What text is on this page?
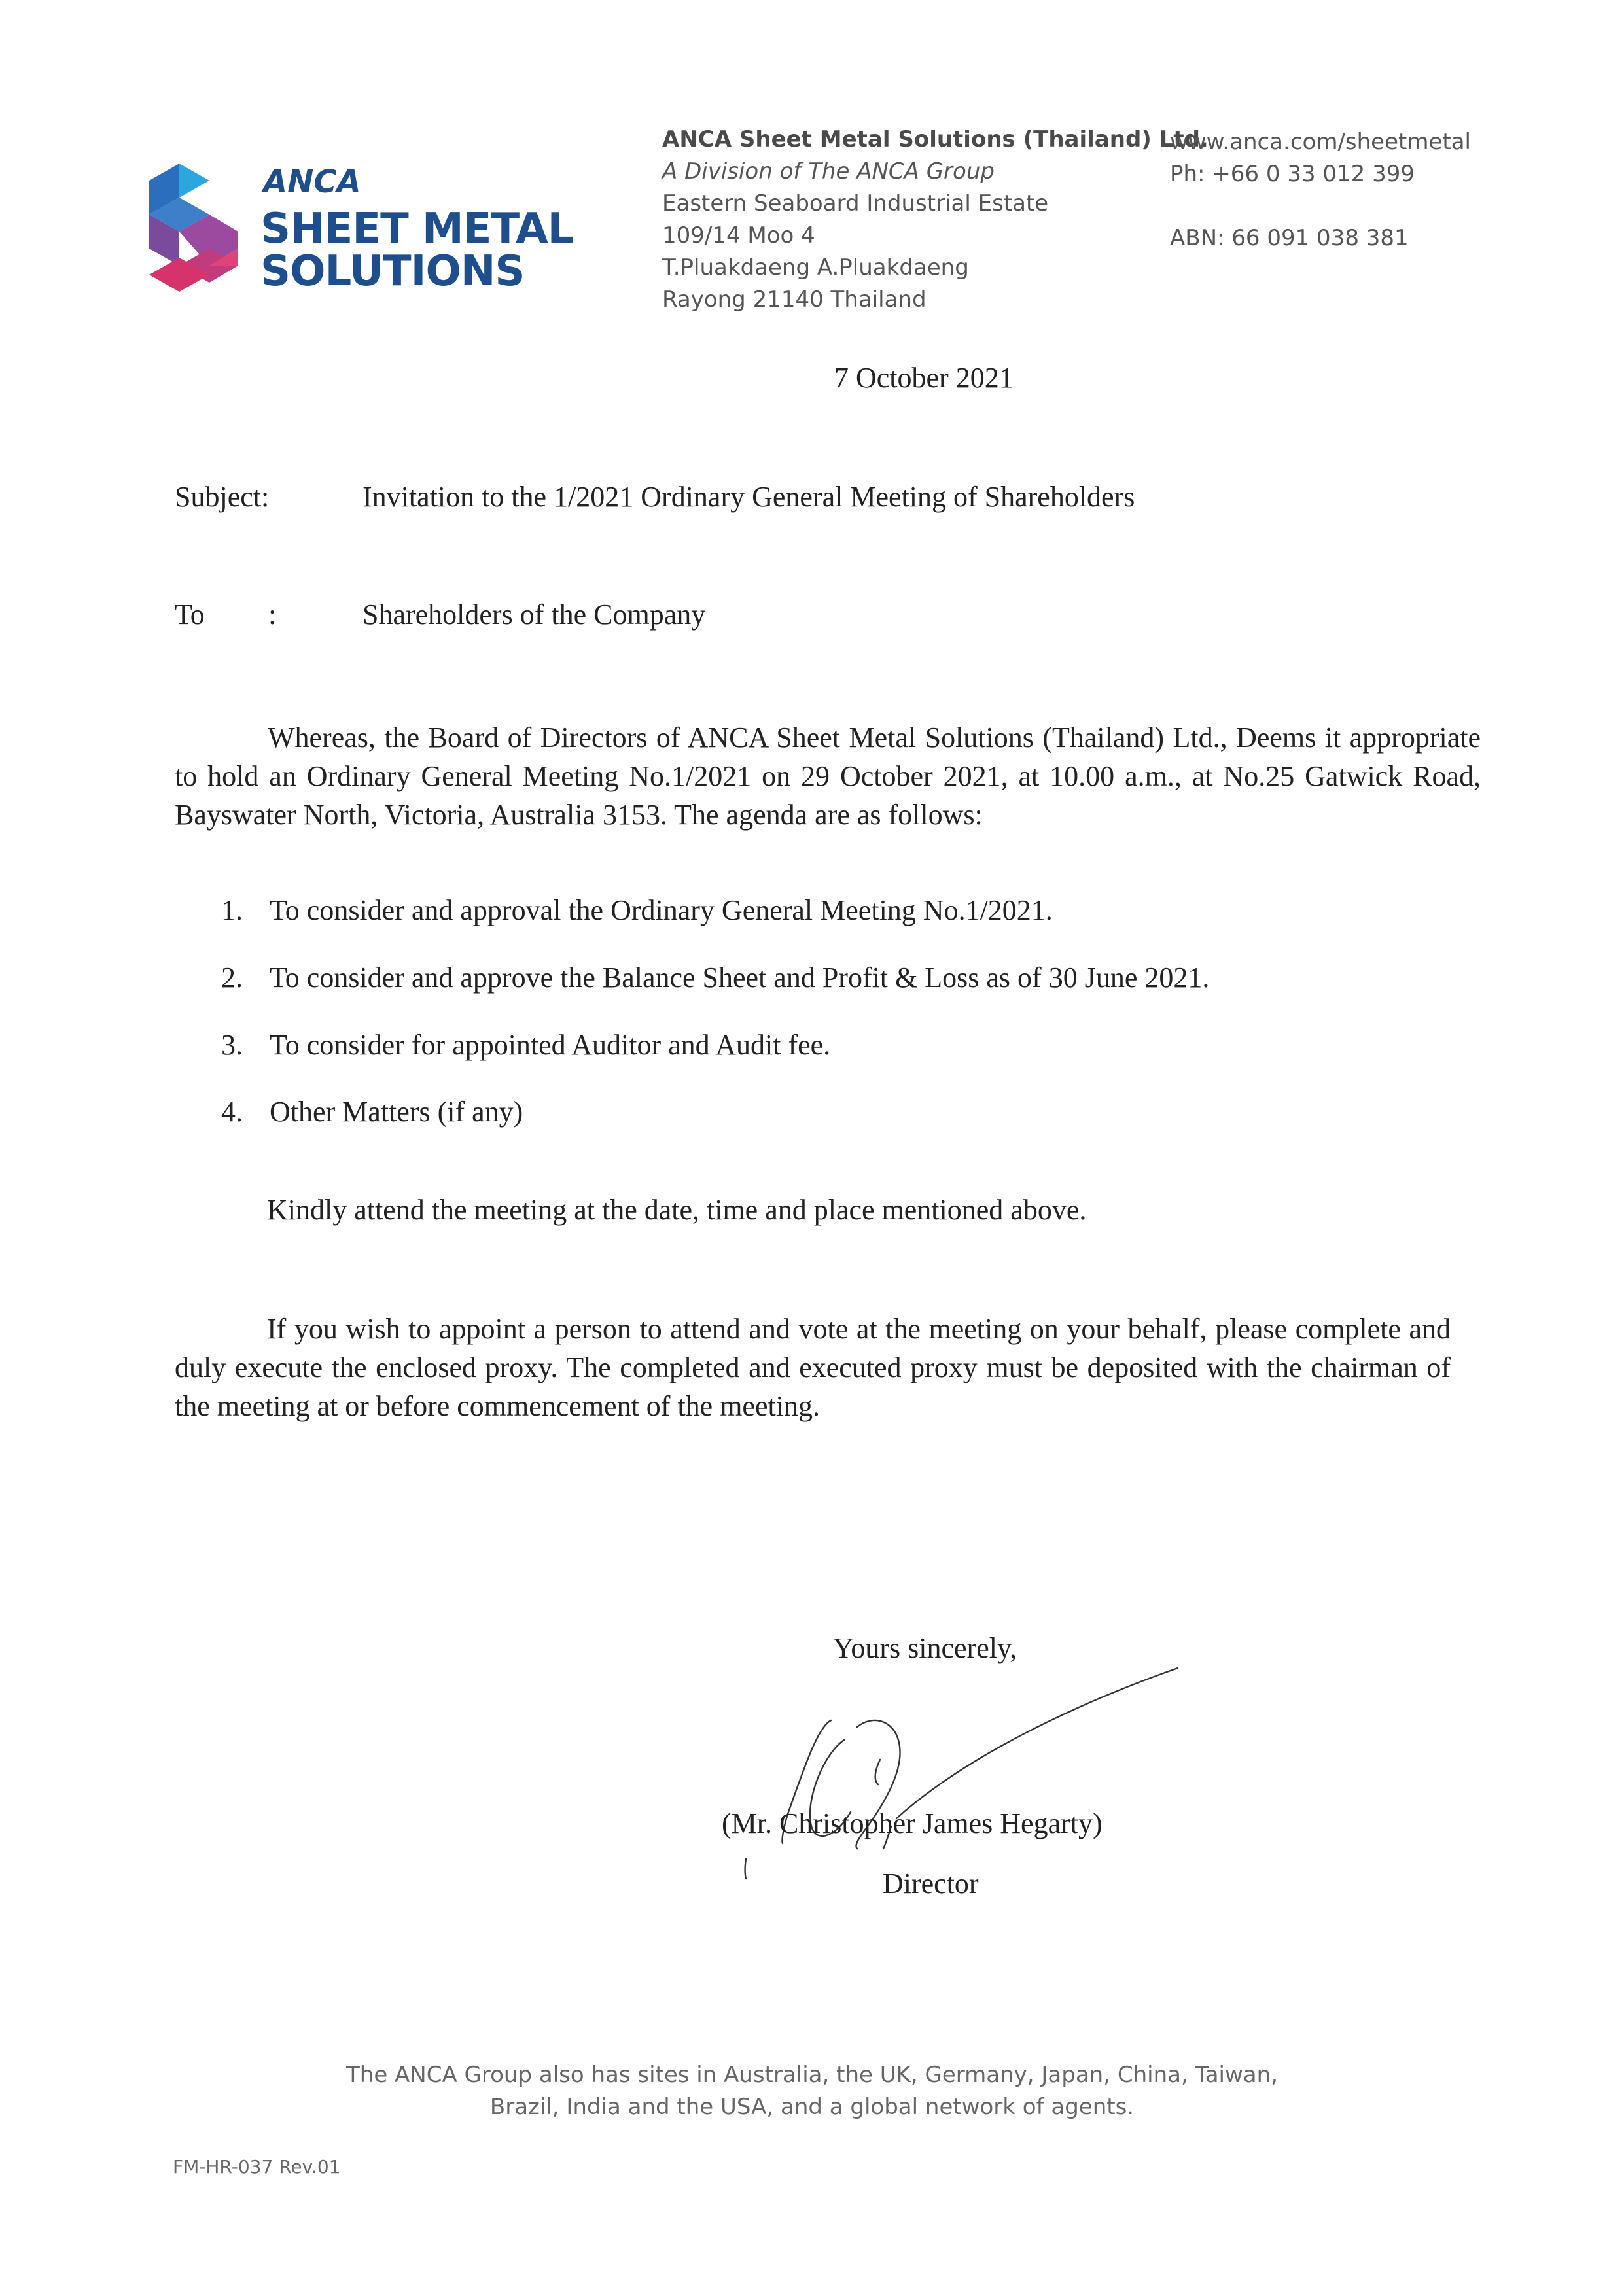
ANCA
SHEET METAL
SOLUTIONS
ANCA Sheet Metal Solutions (Thailand) Ltd.
A Division of The ANCA Group
Eastern Seaboard Industrial Estate
109/14 Moo 4
T.Pluakdaeng A.Pluakdaeng
Rayong 21140 Thailand
www.anca.com/sheetmetal
Ph: +66 0 33 012 399
ABN: 66 091 038 381
7 October 2021
Subject:	Invitation to the 1/2021 Ordinary General Meeting of Shareholders
To :	Shareholders of the Company
Whereas, the Board of Directors of ANCA Sheet Metal Solutions (Thailand) Ltd., Deems it appropriate to hold an Ordinary General Meeting No.1/2021 on 29 October 2021, at 10.00 a.m., at No.25 Gatwick Road, Bayswater North, Victoria, Australia 3153. The agenda are as follows:
1. To consider and approval the Ordinary General Meeting No.1/2021.
2. To consider and approve the Balance Sheet and Profit & Loss as of 30 June 2021.
3. To consider for appointed Auditor and Audit fee.
4. Other Matters (if any)
Kindly attend the meeting at the date, time and place mentioned above.
If you wish to appoint a person to attend and vote at the meeting on your behalf, please complete and duly execute the enclosed proxy. The completed and executed proxy must be deposited with the chairman of the meeting at or before commencement of the meeting.
Yours sincerely,
(Mr. Christopher James Hegarty)
Director
The ANCA Group also has sites in Australia, the UK, Germany, Japan, China, Taiwan,
Brazil, India and the USA, and a global network of agents.
FM-HR-037 Rev.01
